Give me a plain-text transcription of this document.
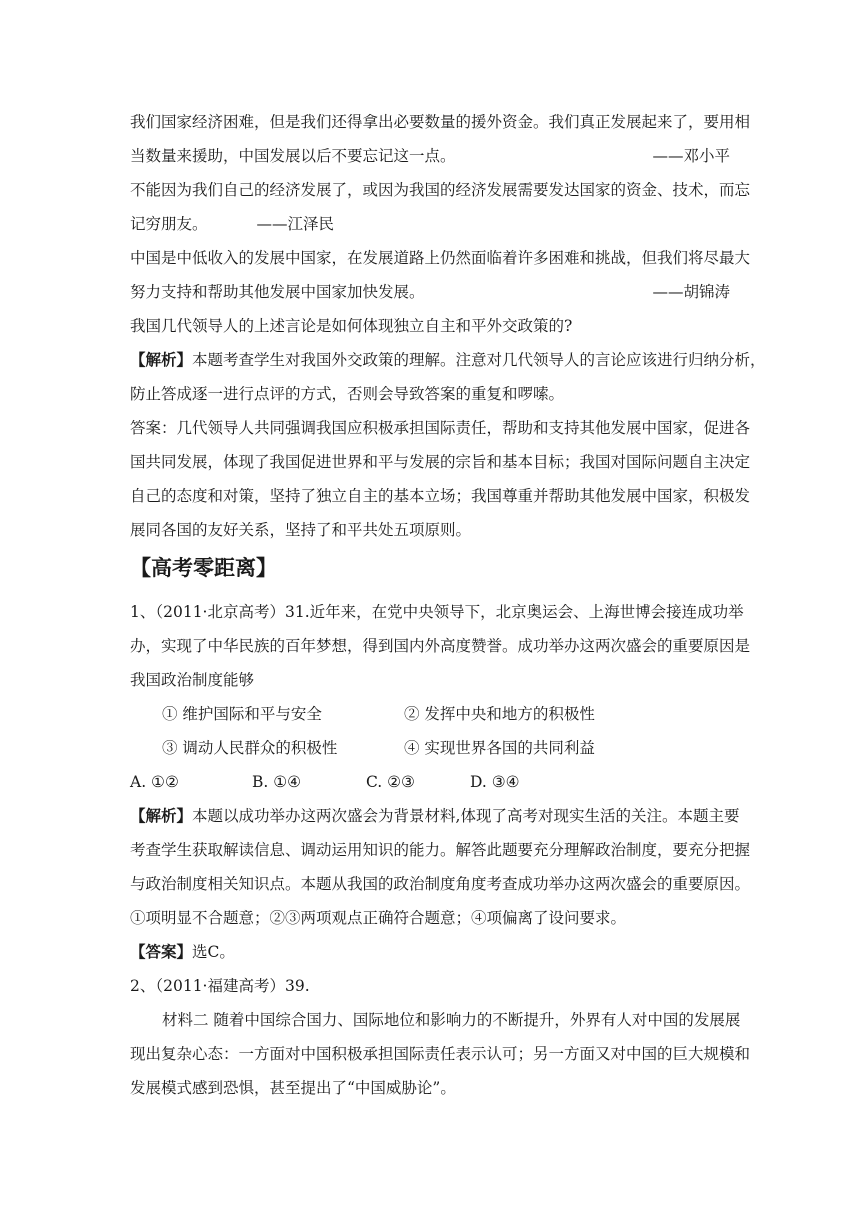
我们国家经济困难，但是我们还得拿出必要数量的援外资金。我们真正发展起来了，要用相
当数量来援助，中国发展以后不要忘记这一点。	——邓小平
不能因为我们自己的经济发展了，或因为我国的经济发展需要发达国家的资金、技术，而忘
记穷朋友。	——江泽民
中国是中低收入的发展中国家，在发展道路上仍然面临着许多困难和挑战，但我们将尽最大
努力支持和帮助其他发展中国家加快发展。	——胡锦涛
我国几代领导人的上述言论是如何体现独立自主和平外交政策的?
【解析】本题考查学生对我国外交政策的理解。注意对几代领导人的言论应该进行归纳分析，
防止答成逐一进行点评的方式，否则会导致答案的重复和啰嗦。
答案：几代领导人共同强调我国应积极承担国际责任，帮助和支持其他发展中国家，促进各
国共同发展，体现了我国促进世界和平与发展的宗旨和基本目标；我国对国际问题自主决定
自己的态度和对策，坚持了独立自主的基本立场；我国尊重并帮助其他发展中国家，积极发
展同各国的友好关系，坚持了和平共处五项原则。
【高考零距离】
1、（2011·北京高考）31.近年来，在党中央领导下，北京奥运会、上海世博会接连成功举
办，实现了中华民族的百年梦想，得到国内外高度赞誉。成功举办这两次盛会的重要原因是
我国政治制度能够
① 维护国际和平与安全	② 发挥中央和地方的积极性
③ 调动人民群众的积极性	④ 实现世界各国的共同利益
A. ①②	B. ①④	C. ②③	D. ③④
【解析】本题以成功举办这两次盛会为背景材料,体现了高考对现实生活的关注。本题主要
考查学生获取解读信息、调动运用知识的能力。解答此题要充分理解政治制度，要充分把握
与政治制度相关知识点。本题从我国的政治制度角度考查成功举办这两次盛会的重要原因。
①项明显不合题意；②③两项观点正确符合题意；④项偏离了设问要求。
【答案】选C。
2、（2011·福建高考）39.
材料二 随着中国综合国力、国际地位和影响力的不断提升，外界有人对中国的发展展
现出复杂心态：一方面对中国积极承担国际责任表示认可；另一方面又对中国的巨大规模和
发展模式感到恐惧，甚至提出了“中国威胁论”。
